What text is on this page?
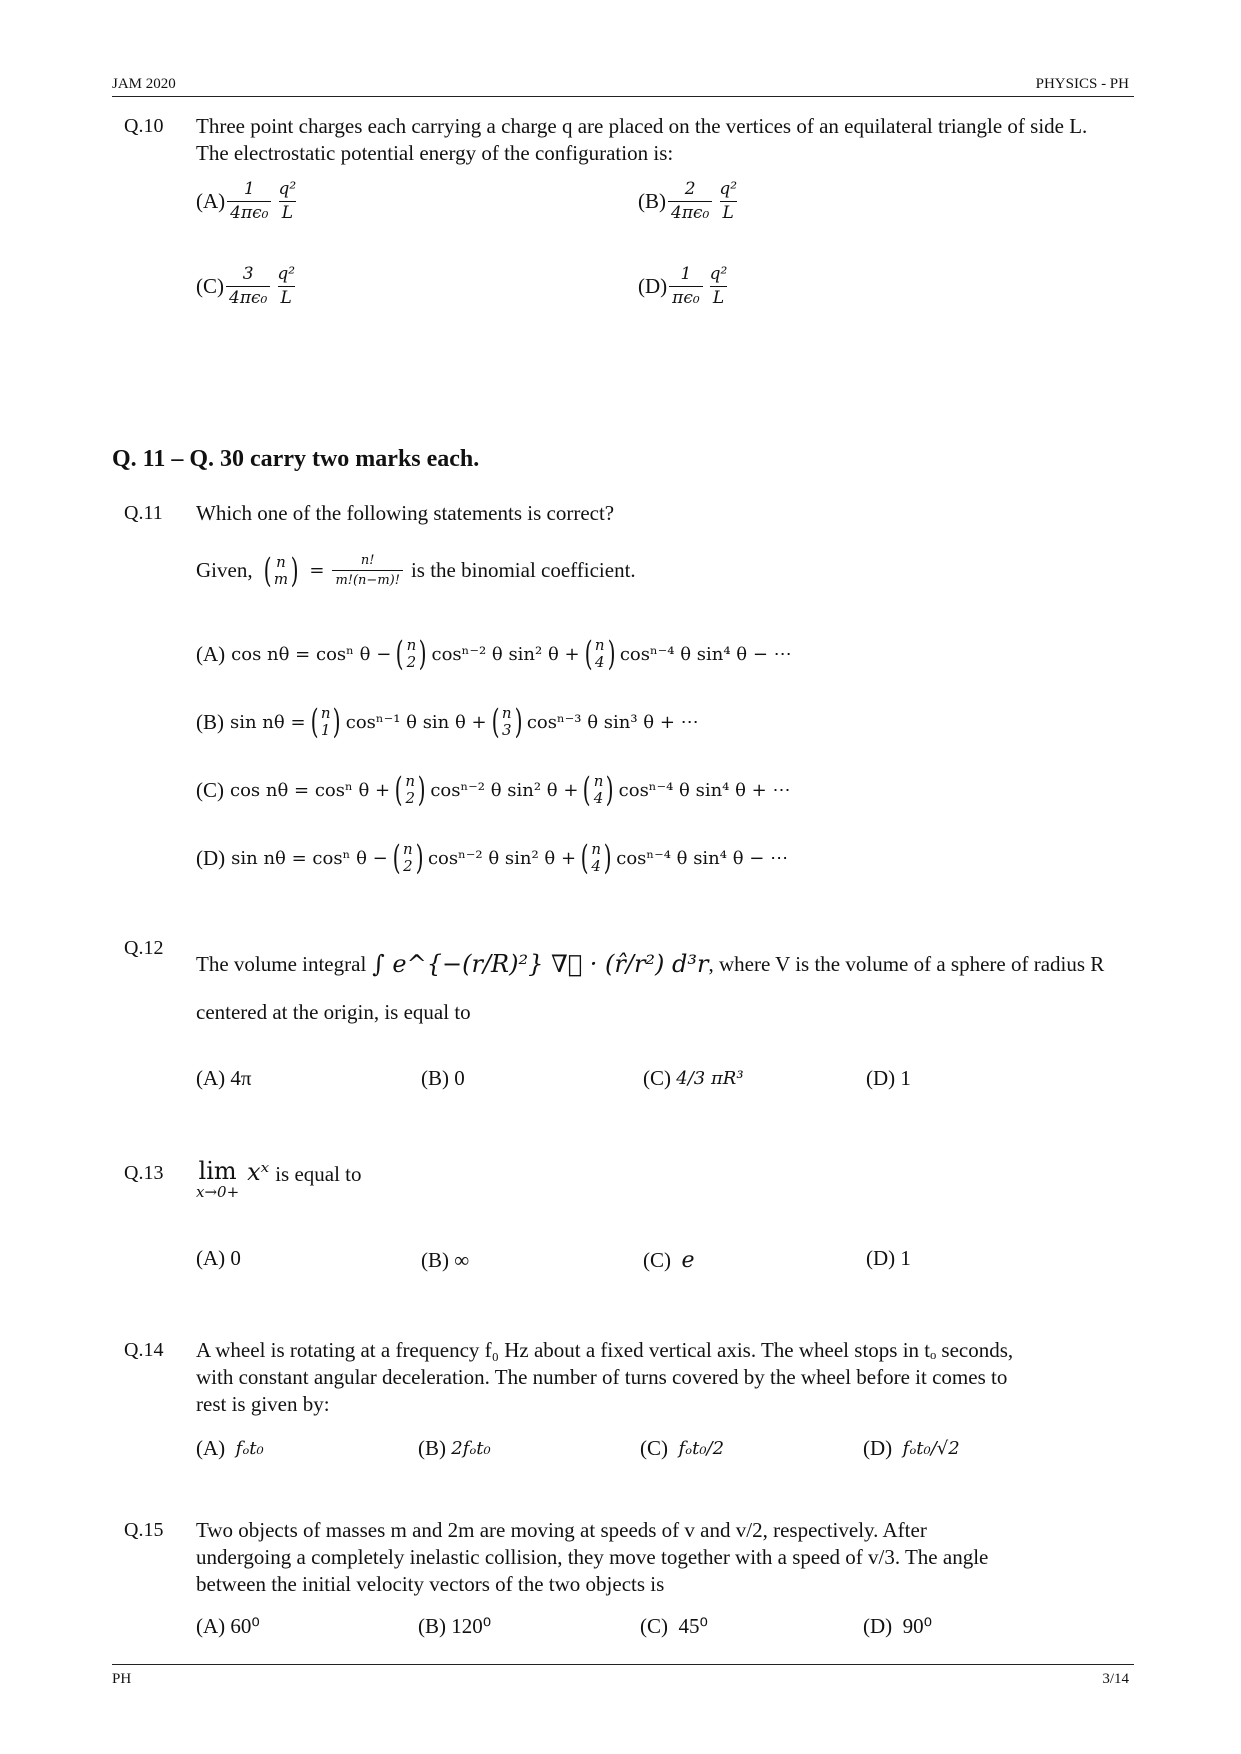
JAM 2020	PHYSICS - PH
Q.10 Three point charges each carrying a charge q are placed on the vertices of an equilateral triangle of side L. The electrostatic potential energy of the configuration is:
$(A) \frac{1}{\text{4πϵ₀}} \frac{\text{q²}}{L}$	$(B) \frac{2}{\text{4πϵ₀}} \frac{\text{q²}}{L}$
$(C) \frac{3}{\text{4πϵ₀}} \frac{\text{q²}}{L}$	$(D) \frac{1}{\text{πϵ₀}} \frac{\text{q²}}{L}$
Q. 11 – Q. 30 carry two marks each.
Q.11 Which one of the following statements is correct?
Given, ( n
m ) = $\frac{n!}{m!(n-m)!}$ is the binomial coefficient.
(A) cos nθ = cosⁿ θ − ( n
2 ) cosⁿ⁻² θ sin² θ + ( n
4 ) cosⁿ⁻⁴ θ sin⁴ θ − ⋯
(B) sin nθ = ( n
1 ) cosⁿ⁻¹ θ sin θ + ( n
3 ) cosⁿ⁻³ θ sin³ θ + ⋯
(C) cos nθ = cosⁿ θ + ( n
2 ) cosⁿ⁻² θ sin² θ + ( n
4 ) cosⁿ⁻⁴ θ sin⁴ θ + ⋯
(D) sin nθ = cosⁿ θ − ( n
2 ) cosⁿ⁻² θ sin² θ + ( n
4 ) cosⁿ⁻⁴ θ sin⁴ θ − ⋯
Q.12
The volume integral ∫ e^{−(r/R)²} ∇⃗ · (r̂/r²) d³r , where V is the volume of a sphere of radius R
centered at the origin, is equal to
(A)
4π	(B)
0	(C)
4/3 πR³	(D)
1
Q.13 lim
x→0+
xˣ is equal to
(A)
0	(B)
∞	(C)
e	(D)
1
Q.14 A wheel is rotating at a frequency f₀ Hz about a fixed vertical axis. The wheel stops in tₒ seconds,
with constant angular deceleration. The number of turns covered by the wheel before it comes to
rest is given by:
(A)
fₒt₀	(B)
2fₒt₀	(C)
fₒt₀/2	(D)
fₒt₀/√2
Q.15 Two objects of masses m and 2m are moving at speeds of v and v/2, respectively. After
undergoing a completely inelastic collision, they move together with a speed of v/3. The angle
between the initial velocity vectors of the two objects is
(A)
60⁰	(B)
120⁰	(C)
45⁰	(D)
90⁰
PH	3/14
